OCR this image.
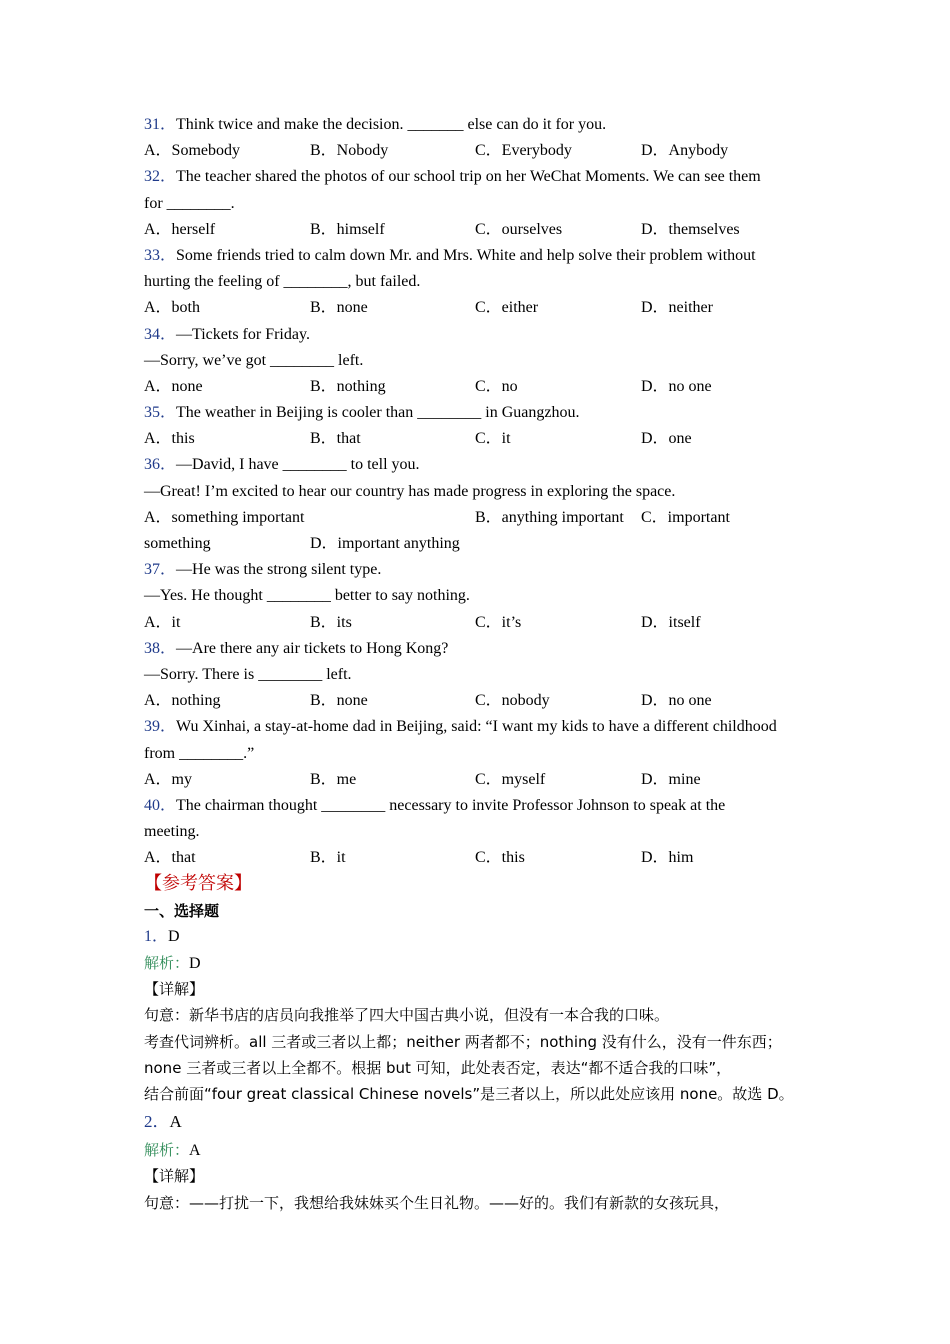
31．Think twice and make the decision. _______ else can do it for you.
A．Somebody	B．Nobody	C．Everybody	D．Anybody
32．The teacher shared the photos of our school trip on her WeChat Moments. We can see them
for ________.
A．herself	B．himself	C．ourselves	D．themselves
33．Some friends tried to calm down Mr. and Mrs. White and help solve their problem without
hurting the feeling of ________, but failed.
A．both	B．none	C．either	D．neither
34．—Tickets for Friday.
—Sorry, we’ve got ________ left.
A．none	B．nothing	C．no	D．no one
35．The weather in Beijing is cooler than ________ in Guangzhou.
A．this	B．that	C．it	D．one
36．—David, I have ________ to tell you.
—Great! I’m excited to hear our country has made progress in exploring the space.
A．something important	B．anything important C．important
something	D．important anything
37．—He was the strong silent type.
—Yes. He thought ________ better to say nothing.
A．it	B．its	C．it’s	D．itself
38．—Are there any air tickets to Hong Kong?
—Sorry. There is ________ left.
A．nothing	B．none	C．nobody	D．no one
39．Wu Xinhai, a stay-at-home dad in Beijing, said: “I want my kids to have a different childhood
from ________.”
A．my	B．me	C．myself	D．mine
40．The chairman thought ________ necessary to invite Professor Johnson to speak at the
meeting.
A．that	B．it	C．this	D．him
【参考答案】
一、选择题
1．D
解析：D
【详解】
句意：新华书店的店员向我推举了四大中国古典小说，但没有一本合我的口味。
考查代词辨析。all 三者或三者以上都；neither 两者都不；nothing 没有什么，没有一件东西；
none 三者或三者以上全都不。根据 but 可知，此处表否定，表达“都不适合我的口味”，
结合前面“four great classical Chinese novels”是三者以上，所以此处应该用 none。故选 D。
2．A
解析：A
【详解】
句意：——打扰一下，我想给我妹妹买个生日礼物。——好的。我们有新款的女孩玩具，
